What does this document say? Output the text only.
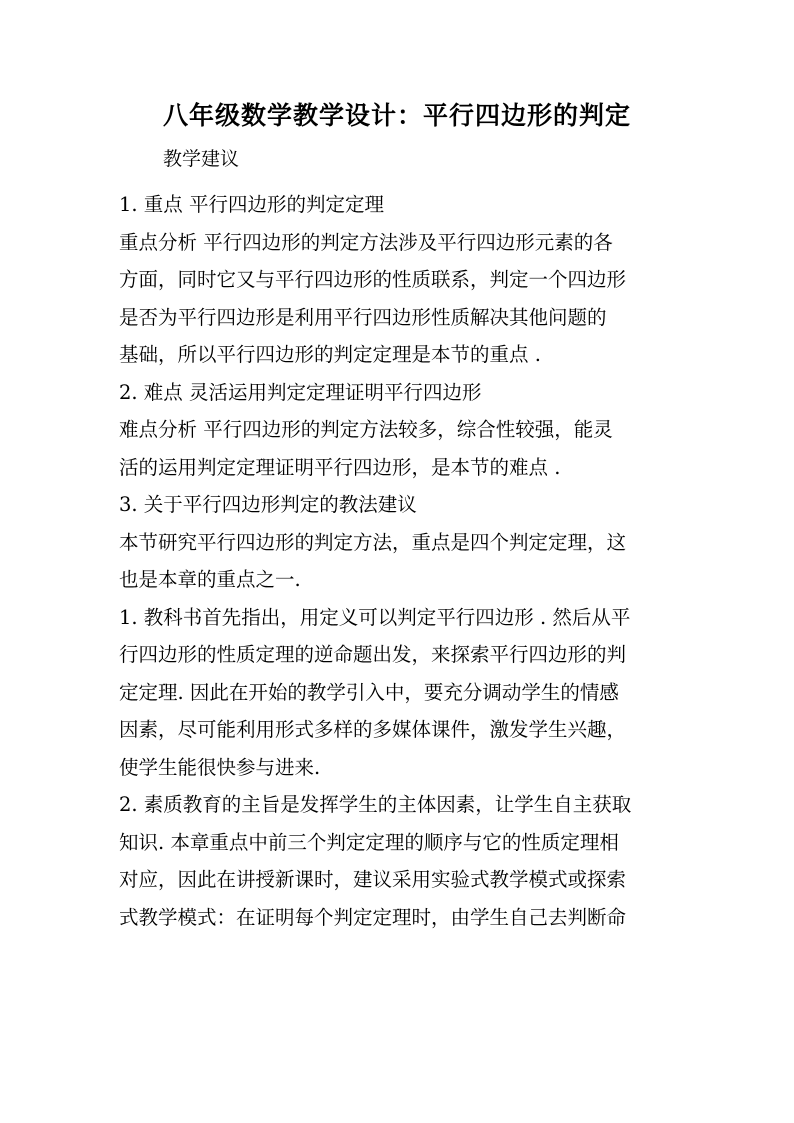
八年级数学教学设计：平行四边形的判定
教学建议
1. 重点 平行四边形的判定定理
重点分析 平行四边形的判定方法涉及平行四边形元素的各
方面，同时它又与平行四边形的性质联系，判定一个四边形
是否为平行四边形是利用平行四边形性质解决其他问题的
基础，所以平行四边形的判定定理是本节的重点 .
2. 难点 灵活运用判定定理证明平行四边形
难点分析 平行四边形的判定方法较多，综合性较强，能灵
活的运用判定定理证明平行四边形，是本节的难点 .
3. 关于平行四边形判定的教法建议
本节研究平行四边形的判定方法，重点是四个判定定理，这
也是本章的重点之一.
1. 教科书首先指出，用定义可以判定平行四边形 . 然后从平
行四边形的性质定理的逆命题出发，来探索平行四边形的判
定定理. 因此在开始的教学引入中，要充分调动学生的情感
因素，尽可能利用形式多样的多媒体课件，激发学生兴趣，
使学生能很快参与进来.
2. 素质教育的主旨是发挥学生的主体因素，让学生自主获取
知识. 本章重点中前三个判定定理的顺序与它的性质定理相
对应，因此在讲授新课时，建议采用实验式教学模式或探索
式教学模式：在证明每个判定定理时，由学生自己去判断命
